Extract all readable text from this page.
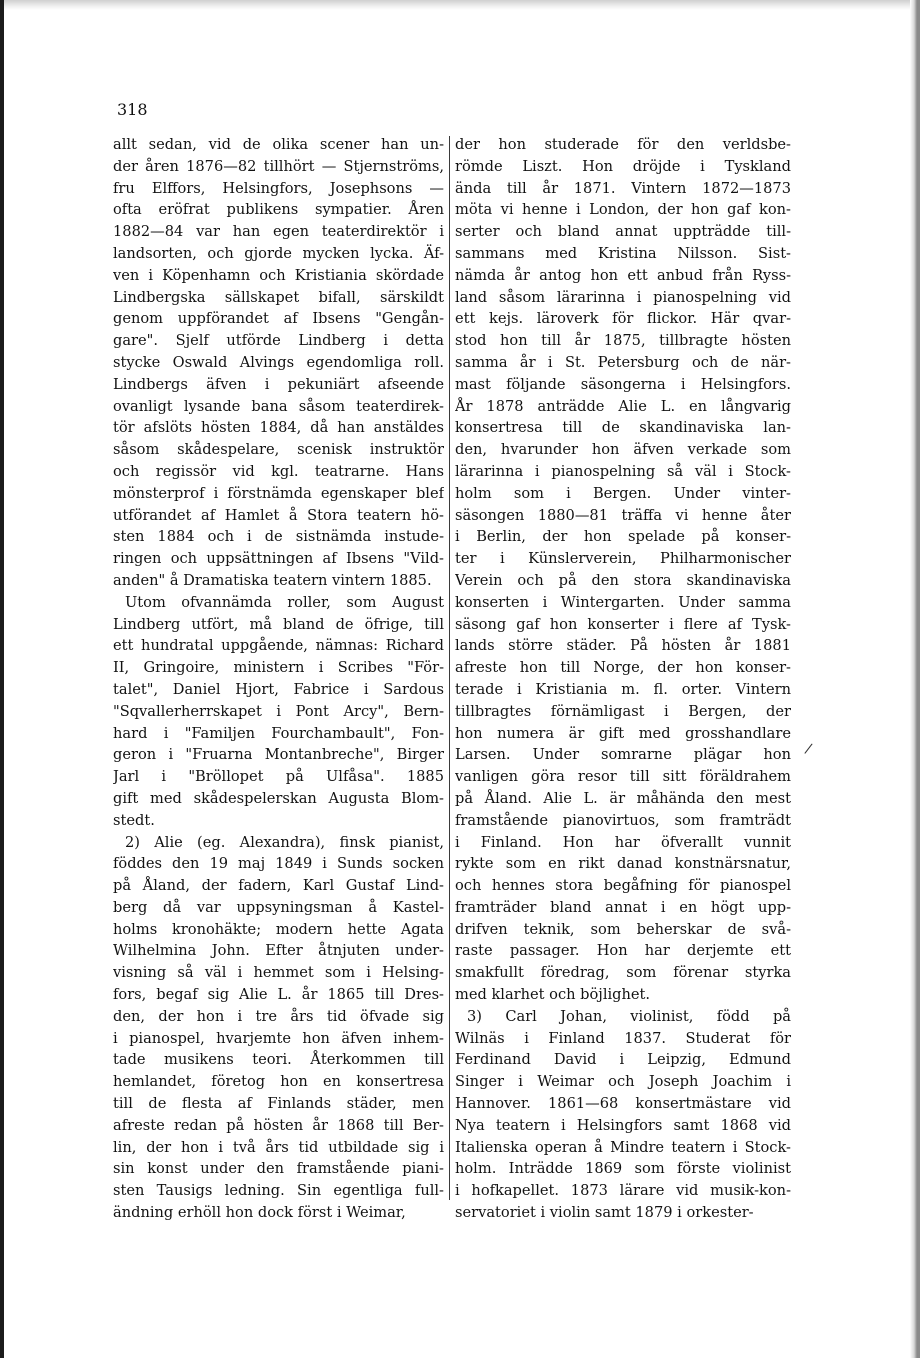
318
allt sedan, vid de olika scener han un-
der åren 1876—82 tillhört — Stjernströms,
fru Elffors, Helsingfors, Josephsons —
ofta eröfrat publikens sympatier. Åren
1882—84 var han egen teaterdirektör i
landsorten, och gjorde mycken lycka. Äf-
ven i Köpenhamn och Kristiania skördade
Lindbergska sällskapet bifall, särskildt
genom uppförandet af Ibsens "Gengån-
gare". Sjelf utförde Lindberg i detta
stycke Oswald Alvings egendomliga roll.
Lindbergs äfven i pekuniärt afseende
ovanligt lysande bana såsom teaterdirek-
tör afslöts hösten 1884, då han anstäldes
såsom skådespelare, scenisk instruktör
och regissör vid kgl. teatrarne. Hans
mönsterprof i förstnämda egenskaper blef
utförandet af Hamlet å Stora teatern hö-
sten 1884 och i de sistnämda instude-
ringen och uppsättningen af Ibsens "Vild-
anden" å Dramatiska teatern vintern 1885.
Utom ofvannämda roller, som August
Lindberg utfört, må bland de öfrige, till
ett hundratal uppgående, nämnas: Richard
II, Gringoire, ministern i Scribes "För-
talet", Daniel Hjort, Fabrice i Sardous
"Sqvallerherrskapet i Pont Arcy", Bern-
hard i "Familjen Fourchambault", Fon-
geron i "Fruarna Montanbreche", Birger
Jarl i "Bröllopet på Ulfåsa". 1885
gift med skådespelerskan Augusta Blom-
stedt.
2) Alie (eg. Alexandra), finsk pianist,
föddes den 19 maj 1849 i Sunds socken
på Åland, der fadern, Karl Gustaf Lind-
berg då var uppsyningsman å Kastel-
holms kronohäkte; modern hette Agata
Wilhelmina John. Efter åtnjuten under-
visning så väl i hemmet som i Helsing-
fors, begaf sig Alie L. år 1865 till Dres-
den, der hon i tre års tid öfvade sig
i pianospel, hvarjemte hon äfven inhem-
tade musikens teori. Återkommen till
hemlandet, företog hon en konsertresa
till de flesta af Finlands städer, men
afreste redan på hösten år 1868 till Ber-
lin, der hon i två års tid utbildade sig i
sin konst under den framstående piani-
sten Tausigs ledning. Sin egentliga full-
ändning erhöll hon dock först i Weimar,
der hon studerade för den verldsbe-
römde Liszt. Hon dröjde i Tyskland
ända till år 1871. Vintern 1872—1873
möta vi henne i London, der hon gaf kon-
serter och bland annat uppträdde till-
sammans med Kristina Nilsson. Sist-
nämda år antog hon ett anbud från Ryss-
land såsom lärarinna i pianospelning vid
ett kejs. läroverk för flickor. Här qvar-
stod hon till år 1875, tillbragte hösten
samma år i St. Petersburg och de när-
mast följande säsongerna i Helsingfors.
År 1878 anträdde Alie L. en långvarig
konsertresa till de skandinaviska lan-
den, hvarunder hon äfven verkade som
lärarinna i pianospelning så väl i Stock-
holm som i Bergen. Under vinter-
säsongen 1880—81 träffa vi henne åter
i Berlin, der hon spelade på konser-
ter i Künslerverein, Philharmonischer
Verein och på den stora skandinaviska
konserten i Wintergarten. Under samma
säsong gaf hon konserter i flere af Tysk-
lands större städer. På hösten år 1881
afreste hon till Norge, der hon konser-
terade i Kristiania m. fl. orter. Vintern
tillbragtes förnämligast i Bergen, der
hon numera är gift med grosshandlare
Larsen. Under somrarne plägar hon
vanligen göra resor till sitt föräldrahem
på Åland. Alie L. är måhända den mest
framstående pianovirtuos, som framträdt
i Finland. Hon har öfverallt vunnit
rykte som en rikt danad konstnärsnatur,
och hennes stora begåfning för pianospel
framträder bland annat i en högt upp-
drifven teknik, som beherskar de svå-
raste passager. Hon har derjemte ett
smakfullt föredrag, som förenar styrka
med klarhet och böjlighet.
3) Carl Johan, violinist, född på
Wilnäs i Finland 1837. Studerat för
Ferdinand David i Leipzig, Edmund
Singer i Weimar och Joseph Joachim i
Hannover. 1861—68 konsertmästare vid
Nya teatern i Helsingfors samt 1868 vid
Italienska operan å Mindre teatern i Stock-
holm. Inträdde 1869 som förste violinist
i hofkapellet. 1873 lärare vid musik-kon-
servatoriet i violin samt 1879 i orkester-
/
